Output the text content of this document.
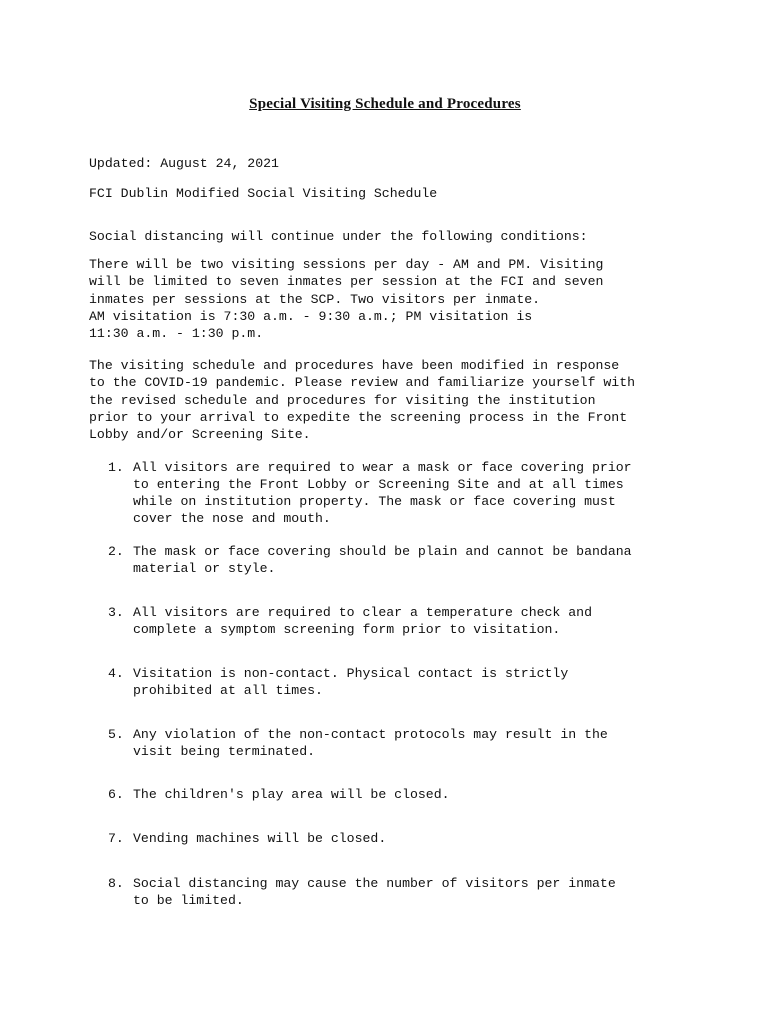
Special Visiting Schedule and Procedures
Updated: August 24, 2021
FCI Dublin Modified Social Visiting Schedule
Social distancing will continue under the following conditions:
There will be two visiting sessions per day - AM and PM. Visiting
will be limited to seven inmates per session at the FCI and seven
inmates per sessions at the SCP. Two visitors per inmate.
AM visitation is 7:30 a.m. - 9:30 a.m.; PM visitation is
11:30 a.m. - 1:30 p.m.
The visiting schedule and procedures have been modified in response
to the COVID-19 pandemic. Please review and familiarize yourself with
the revised schedule and procedures for visiting the institution
prior to your arrival to expedite the screening process in the Front
Lobby and/or Screening Site.
1. All visitors are required to wear a mask or face covering prior
to entering the Front Lobby or Screening Site and at all times
while on institution property. The mask or face covering must
cover the nose and mouth.
2. The mask or face covering should be plain and cannot be bandana
material or style.
3. All visitors are required to clear a temperature check and
complete a symptom screening form prior to visitation.
4. Visitation is non-contact. Physical contact is strictly
prohibited at all times.
5. Any violation of the non-contact protocols may result in the
visit being terminated.
6. The children's play area will be closed.
7. Vending machines will be closed.
8. Social distancing may cause the number of visitors per inmate
to be limited.
